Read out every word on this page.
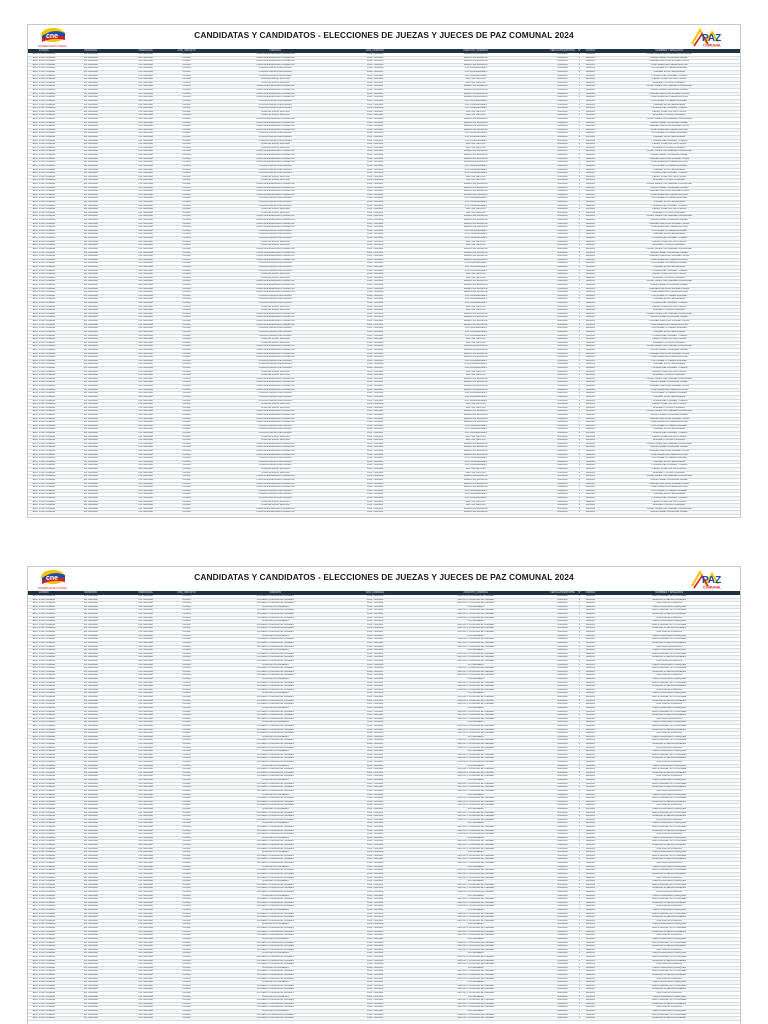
cne
PODER ELECTORAL
CANDIDATAS Y CANDIDATOS - ELECCIONES DE JUEZAS Y JUECES DE PAZ COMUNAL 2024	PAZ
COMUNAL
ESTADO	MUNICIPIO	PARROQUIA	COD_CIRCUITO	CIRCUITO	COD_COMUNAL	CIRCUITO_COMUNAL	CEDULA/PASAPORTE	N°	CÓDIGO	NOMBRES Y APELLIDOS
EDO. PORTUGUESA	MP. ARAURE	CM. ARAURE	CC0000	COMUNA ESPERANZA PODEROSA	COM.- 0000000	BARRIO EL MIRADOR	00000000	1	A000000	CLARA VALENTINA JIMENEZ RODRIGUEZ
EDO. PORTUGUESA	MP. ARAURE	CM. ARAURE	CC0000	COMUNA ESPERANZA PODEROSA	COM.- 0000000	BARRIO EL MIRADOR	00000000	2	A000000	MARIA ISABEL GONZALEZ PEREZ
EDO. PORTUGUESA	MP. ARAURE	CM. ARAURE	CC0000	COMUNA ESPERANZA PODEROSA	COM.- 0000000	BARRIO EL MIRADOR	00000000	3	A000000	ANDREA CAROLINA SUAREZ LOPEZ
EDO. PORTUGUESA	MP. ARAURE	CM. ARAURE	CC0000	COMUNA ESPERANZA PODEROSA	COM.- 0000000	BARRIO EL MIRADOR	00000000	4	A000000	JOSE GREGORIO MENDOZA DIAZ
EDO. PORTUGUESA	MP. ARAURE	CM. ARAURE	CC0000	COMUNA BRISAS DE PARAMO	COM.- 0000000	LOS CAÑAVERALES	00000000	1	A000000	LUIS ALBERTO PEREZ RAMIREZ
EDO. PORTUGUESA	MP. ARAURE	CM. ARAURE	CC0000	COMUNA BRISAS DE PARAMO	COM.- 0000000	LOS CAÑAVERALES	00000000	2	A000000	CARMEN ROSA HERNANDEZ
EDO. PORTUGUESA	MP. ARAURE	CM. ARAURE	CC0000	COMUNA BRISAS DE PARAMO	COM.- 0000000	LOS CAÑAVERALES	00000000	3	A000000	YOLIMAR DEL CARMEN TORRES
EDO. PORTUGUESA	MP. ARAURE	CM. ARAURE	CC0000	COMUNA SIMON BOLIVAR	COM.- 0000000	SECTOR CENTRO	00000000	1	A000000	PEDRO JOSE CASTILLO MORA
EDO. PORTUGUESA	MP. ARAURE	CM. ARAURE	CC0000	COMUNA SIMON BOLIVAR	COM.- 0000000	SECTOR CENTRO	00000000	2	A000000	ELIZABETH RIVAS CORDERO
EDO. PORTUGUESA	MP. ARAURE	CM. ARAURE	CC0000	COMUNA ESPERANZA PODEROSA	COM.- 0000000	BARRIO EL MIRADOR	00000000	1	A000000	CLARA VALENTINA JIMENEZ RODRIGUEZ
EDO. PORTUGUESA	MP. ARAURE	CM. ARAURE	CC0000	COMUNA ESPERANZA PODEROSA	COM.- 0000000	BARRIO EL MIRADOR	00000000	2	A000000	MARIA ISABEL GONZALEZ PEREZ
EDO. PORTUGUESA	MP. ARAURE	CM. ARAURE	CC0000	COMUNA ESPERANZA PODEROSA	COM.- 0000000	BARRIO EL MIRADOR	00000000	3	A000000	ANDREA CAROLINA SUAREZ LOPEZ
EDO. PORTUGUESA	MP. ARAURE	CM. ARAURE	CC0000	COMUNA ESPERANZA PODEROSA	COM.- 0000000	BARRIO EL MIRADOR	00000000	4	A000000	JOSE GREGORIO MENDOZA DIAZ
EDO. PORTUGUESA	MP. ARAURE	CM. ARAURE	CC0000	COMUNA BRISAS DE PARAMO	COM.- 0000000	LOS CAÑAVERALES	00000000	1	A000000	LUIS ALBERTO PEREZ RAMIREZ
EDO. PORTUGUESA	MP. ARAURE	CM. ARAURE	CC0000	COMUNA BRISAS DE PARAMO	COM.- 0000000	LOS CAÑAVERALES	00000000	2	A000000	CARMEN ROSA HERNANDEZ
EDO. PORTUGUESA	MP. ARAURE	CM. ARAURE	CC0000	COMUNA BRISAS DE PARAMO	COM.- 0000000	LOS CAÑAVERALES	00000000	3	A000000	YOLIMAR DEL CARMEN TORRES
EDO. PORTUGUESA	MP. ARAURE	CM. ARAURE	CC0000	COMUNA SIMON BOLIVAR	COM.- 0000000	SECTOR CENTRO	00000000	1	A000000	PEDRO JOSE CASTILLO MORA
EDO. PORTUGUESA	MP. ARAURE	CM. ARAURE	CC0000	COMUNA SIMON BOLIVAR	COM.- 0000000	SECTOR CENTRO	00000000	2	A000000	ELIZABETH RIVAS CORDERO
EDO. PORTUGUESA	MP. ARAURE	CM. ARAURE	CC0000	COMUNA ESPERANZA PODEROSA	COM.- 0000000	BARRIO EL MIRADOR	00000000	1	A000000	CLARA VALENTINA JIMENEZ RODRIGUEZ
EDO. PORTUGUESA	MP. ARAURE	CM. ARAURE	CC0000	COMUNA ESPERANZA PODEROSA	COM.- 0000000	BARRIO EL MIRADOR	00000000	2	A000000	MARIA ISABEL GONZALEZ PEREZ
EDO. PORTUGUESA	MP. ARAURE	CM. ARAURE	CC0000	COMUNA ESPERANZA PODEROSA	COM.- 0000000	BARRIO EL MIRADOR	00000000	3	A000000	ANDREA CAROLINA SUAREZ LOPEZ
EDO. PORTUGUESA	MP. ARAURE	CM. ARAURE	CC0000	COMUNA ESPERANZA PODEROSA	COM.- 0000000	BARRIO EL MIRADOR	00000000	4	A000000	JOSE GREGORIO MENDOZA DIAZ
EDO. PORTUGUESA	MP. ARAURE	CM. ARAURE	CC0000	COMUNA BRISAS DE PARAMO	COM.- 0000000	LOS CAÑAVERALES	00000000	1	A000000	LUIS ALBERTO PEREZ RAMIREZ
EDO. PORTUGUESA	MP. ARAURE	CM. ARAURE	CC0000	COMUNA BRISAS DE PARAMO	COM.- 0000000	LOS CAÑAVERALES	00000000	2	A000000	CARMEN ROSA HERNANDEZ
EDO. PORTUGUESA	MP. ARAURE	CM. ARAURE	CC0000	COMUNA BRISAS DE PARAMO	COM.- 0000000	LOS CAÑAVERALES	00000000	3	A000000	YOLIMAR DEL CARMEN TORRES
EDO. PORTUGUESA	MP. ARAURE	CM. ARAURE	CC0000	COMUNA SIMON BOLIVAR	COM.- 0000000	SECTOR CENTRO	00000000	1	A000000	PEDRO JOSE CASTILLO MORA
EDO. PORTUGUESA	MP. ARAURE	CM. ARAURE	CC0000	COMUNA SIMON BOLIVAR	COM.- 0000000	SECTOR CENTRO	00000000	2	A000000	ELIZABETH RIVAS CORDERO
EDO. PORTUGUESA	MP. ARAURE	CM. ARAURE	CC0000	COMUNA ESPERANZA PODEROSA	COM.- 0000000	BARRIO EL MIRADOR	00000000	1	A000000	CLARA VALENTINA JIMENEZ RODRIGUEZ
EDO. PORTUGUESA	MP. ARAURE	CM. ARAURE	CC0000	COMUNA ESPERANZA PODEROSA	COM.- 0000000	BARRIO EL MIRADOR	00000000	2	A000000	MARIA ISABEL GONZALEZ PEREZ
EDO. PORTUGUESA	MP. ARAURE	CM. ARAURE	CC0000	COMUNA ESPERANZA PODEROSA	COM.- 0000000	BARRIO EL MIRADOR	00000000	3	A000000	ANDREA CAROLINA SUAREZ LOPEZ
EDO. PORTUGUESA	MP. ARAURE	CM. ARAURE	CC0000	COMUNA ESPERANZA PODEROSA	COM.- 0000000	BARRIO EL MIRADOR	00000000	4	A000000	JOSE GREGORIO MENDOZA DIAZ
EDO. PORTUGUESA	MP. ARAURE	CM. ARAURE	CC0000	COMUNA BRISAS DE PARAMO	COM.- 0000000	LOS CAÑAVERALES	00000000	1	A000000	LUIS ALBERTO PEREZ RAMIREZ
EDO. PORTUGUESA	MP. ARAURE	CM. ARAURE	CC0000	COMUNA BRISAS DE PARAMO	COM.- 0000000	LOS CAÑAVERALES	00000000	2	A000000	CARMEN ROSA HERNANDEZ
EDO. PORTUGUESA	MP. ARAURE	CM. ARAURE	CC0000	COMUNA BRISAS DE PARAMO	COM.- 0000000	LOS CAÑAVERALES	00000000	3	A000000	YOLIMAR DEL CARMEN TORRES
EDO. PORTUGUESA	MP. ARAURE	CM. ARAURE	CC0000	COMUNA SIMON BOLIVAR	COM.- 0000000	SECTOR CENTRO	00000000	1	A000000	PEDRO JOSE CASTILLO MORA
EDO. PORTUGUESA	MP. ARAURE	CM. ARAURE	CC0000	COMUNA SIMON BOLIVAR	COM.- 0000000	SECTOR CENTRO	00000000	2	A000000	ELIZABETH RIVAS CORDERO
EDO. PORTUGUESA	MP. ARAURE	CM. ARAURE	CC0000	COMUNA ESPERANZA PODEROSA	COM.- 0000000	BARRIO EL MIRADOR	00000000	1	A000000	CLARA VALENTINA JIMENEZ RODRIGUEZ
EDO. PORTUGUESA	MP. ARAURE	CM. ARAURE	CC0000	COMUNA ESPERANZA PODEROSA	COM.- 0000000	BARRIO EL MIRADOR	00000000	2	A000000	MARIA ISABEL GONZALEZ PEREZ
EDO. PORTUGUESA	MP. ARAURE	CM. ARAURE	CC0000	COMUNA ESPERANZA PODEROSA	COM.- 0000000	BARRIO EL MIRADOR	00000000	3	A000000	ANDREA CAROLINA SUAREZ LOPEZ
EDO. PORTUGUESA	MP. ARAURE	CM. ARAURE	CC0000	COMUNA ESPERANZA PODEROSA	COM.- 0000000	BARRIO EL MIRADOR	00000000	4	A000000	JOSE GREGORIO MENDOZA DIAZ
EDO. PORTUGUESA	MP. ARAURE	CM. ARAURE	CC0000	COMUNA BRISAS DE PARAMO	COM.- 0000000	LOS CAÑAVERALES	00000000	1	A000000	LUIS ALBERTO PEREZ RAMIREZ
EDO. PORTUGUESA	MP. ARAURE	CM. ARAURE	CC0000	COMUNA BRISAS DE PARAMO	COM.- 0000000	LOS CAÑAVERALES	00000000	2	A000000	CARMEN ROSA HERNANDEZ
EDO. PORTUGUESA	MP. ARAURE	CM. ARAURE	CC0000	COMUNA BRISAS DE PARAMO	COM.- 0000000	LOS CAÑAVERALES	00000000	3	A000000	YOLIMAR DEL CARMEN TORRES
EDO. PORTUGUESA	MP. ARAURE	CM. ARAURE	CC0000	COMUNA SIMON BOLIVAR	COM.- 0000000	SECTOR CENTRO	00000000	1	A000000	PEDRO JOSE CASTILLO MORA
EDO. PORTUGUESA	MP. ARAURE	CM. ARAURE	CC0000	COMUNA SIMON BOLIVAR	COM.- 0000000	SECTOR CENTRO	00000000	2	A000000	ELIZABETH RIVAS CORDERO
EDO. PORTUGUESA	MP. ARAURE	CM. ARAURE	CC0000	COMUNA ESPERANZA PODEROSA	COM.- 0000000	BARRIO EL MIRADOR	00000000	1	A000000	CLARA VALENTINA JIMENEZ RODRIGUEZ
EDO. PORTUGUESA	MP. ARAURE	CM. ARAURE	CC0000	COMUNA ESPERANZA PODEROSA	COM.- 0000000	BARRIO EL MIRADOR	00000000	2	A000000	MARIA ISABEL GONZALEZ PEREZ
EDO. PORTUGUESA	MP. ARAURE	CM. ARAURE	CC0000	COMUNA ESPERANZA PODEROSA	COM.- 0000000	BARRIO EL MIRADOR	00000000	3	A000000	ANDREA CAROLINA SUAREZ LOPEZ
EDO. PORTUGUESA	MP. ARAURE	CM. ARAURE	CC0000	COMUNA ESPERANZA PODEROSA	COM.- 0000000	BARRIO EL MIRADOR	00000000	4	A000000	JOSE GREGORIO MENDOZA DIAZ
EDO. PORTUGUESA	MP. ARAURE	CM. ARAURE	CC0000	COMUNA BRISAS DE PARAMO	COM.- 0000000	LOS CAÑAVERALES	00000000	1	A000000	LUIS ALBERTO PEREZ RAMIREZ
EDO. PORTUGUESA	MP. ARAURE	CM. ARAURE	CC0000	COMUNA BRISAS DE PARAMO	COM.- 0000000	LOS CAÑAVERALES	00000000	2	A000000	CARMEN ROSA HERNANDEZ
EDO. PORTUGUESA	MP. ARAURE	CM. ARAURE	CC0000	COMUNA BRISAS DE PARAMO	COM.- 0000000	LOS CAÑAVERALES	00000000	3	A000000	YOLIMAR DEL CARMEN TORRES
EDO. PORTUGUESA	MP. ARAURE	CM. ARAURE	CC0000	COMUNA SIMON BOLIVAR	COM.- 0000000	SECTOR CENTRO	00000000	1	A000000	PEDRO JOSE CASTILLO MORA
EDO. PORTUGUESA	MP. ARAURE	CM. ARAURE	CC0000	COMUNA SIMON BOLIVAR	COM.- 0000000	SECTOR CENTRO	00000000	2	A000000	ELIZABETH RIVAS CORDERO
EDO. PORTUGUESA	MP. ARAURE	CM. ARAURE	CC0000	COMUNA ESPERANZA PODEROSA	COM.- 0000000	BARRIO EL MIRADOR	00000000	1	A000000	CLARA VALENTINA JIMENEZ RODRIGUEZ
EDO. PORTUGUESA	MP. ARAURE	CM. ARAURE	CC0000	COMUNA ESPERANZA PODEROSA	COM.- 0000000	BARRIO EL MIRADOR	00000000	2	A000000	MARIA ISABEL GONZALEZ PEREZ
EDO. PORTUGUESA	MP. ARAURE	CM. ARAURE	CC0000	COMUNA ESPERANZA PODEROSA	COM.- 0000000	BARRIO EL MIRADOR	00000000	3	A000000	ANDREA CAROLINA SUAREZ LOPEZ
EDO. PORTUGUESA	MP. ARAURE	CM. ARAURE	CC0000	COMUNA ESPERANZA PODEROSA	COM.- 0000000	BARRIO EL MIRADOR	00000000	4	A000000	JOSE GREGORIO MENDOZA DIAZ
EDO. PORTUGUESA	MP. ARAURE	CM. ARAURE	CC0000	COMUNA BRISAS DE PARAMO	COM.- 0000000	LOS CAÑAVERALES	00000000	1	A000000	LUIS ALBERTO PEREZ RAMIREZ
EDO. PORTUGUESA	MP. ARAURE	CM. ARAURE	CC0000	COMUNA BRISAS DE PARAMO	COM.- 0000000	LOS CAÑAVERALES	00000000	2	A000000	CARMEN ROSA HERNANDEZ
EDO. PORTUGUESA	MP. ARAURE	CM. ARAURE	CC0000	COMUNA BRISAS DE PARAMO	COM.- 0000000	LOS CAÑAVERALES	00000000	3	A000000	YOLIMAR DEL CARMEN TORRES
EDO. PORTUGUESA	MP. ARAURE	CM. ARAURE	CC0000	COMUNA SIMON BOLIVAR	COM.- 0000000	SECTOR CENTRO	00000000	1	A000000	PEDRO JOSE CASTILLO MORA
EDO. PORTUGUESA	MP. ARAURE	CM. ARAURE	CC0000	COMUNA SIMON BOLIVAR	COM.- 0000000	SECTOR CENTRO	00000000	2	A000000	ELIZABETH RIVAS CORDERO
EDO. PORTUGUESA	MP. ARAURE	CM. ARAURE	CC0000	COMUNA ESPERANZA PODEROSA	COM.- 0000000	BARRIO EL MIRADOR	00000000	1	A000000	CLARA VALENTINA JIMENEZ RODRIGUEZ
EDO. PORTUGUESA	MP. ARAURE	CM. ARAURE	CC0000	COMUNA ESPERANZA PODEROSA	COM.- 0000000	BARRIO EL MIRADOR	00000000	2	A000000	MARIA ISABEL GONZALEZ PEREZ
EDO. PORTUGUESA	MP. ARAURE	CM. ARAURE	CC0000	COMUNA ESPERANZA PODEROSA	COM.- 0000000	BARRIO EL MIRADOR	00000000	3	A000000	ANDREA CAROLINA SUAREZ LOPEZ
EDO. PORTUGUESA	MP. ARAURE	CM. ARAURE	CC0000	COMUNA ESPERANZA PODEROSA	COM.- 0000000	BARRIO EL MIRADOR	00000000	4	A000000	JOSE GREGORIO MENDOZA DIAZ
EDO. PORTUGUESA	MP. ARAURE	CM. ARAURE	CC0000	COMUNA BRISAS DE PARAMO	COM.- 0000000	LOS CAÑAVERALES	00000000	1	A000000	LUIS ALBERTO PEREZ RAMIREZ
EDO. PORTUGUESA	MP. ARAURE	CM. ARAURE	CC0000	COMUNA BRISAS DE PARAMO	COM.- 0000000	LOS CAÑAVERALES	00000000	2	A000000	CARMEN ROSA HERNANDEZ
EDO. PORTUGUESA	MP. ARAURE	CM. ARAURE	CC0000	COMUNA BRISAS DE PARAMO	COM.- 0000000	LOS CAÑAVERALES	00000000	3	A000000	YOLIMAR DEL CARMEN TORRES
EDO. PORTUGUESA	MP. ARAURE	CM. ARAURE	CC0000	COMUNA SIMON BOLIVAR	COM.- 0000000	SECTOR CENTRO	00000000	1	A000000	PEDRO JOSE CASTILLO MORA
EDO. PORTUGUESA	MP. ARAURE	CM. ARAURE	CC0000	COMUNA SIMON BOLIVAR	COM.- 0000000	SECTOR CENTRO	00000000	2	A000000	ELIZABETH RIVAS CORDERO
EDO. PORTUGUESA	MP. ARAURE	CM. ARAURE	CC0000	COMUNA ESPERANZA PODEROSA	COM.- 0000000	BARRIO EL MIRADOR	00000000	1	A000000	CLARA VALENTINA JIMENEZ RODRIGUEZ
EDO. PORTUGUESA	MP. ARAURE	CM. ARAURE	CC0000	COMUNA ESPERANZA PODEROSA	COM.- 0000000	BARRIO EL MIRADOR	00000000	2	A000000	MARIA ISABEL GONZALEZ PEREZ
EDO. PORTUGUESA	MP. ARAURE	CM. ARAURE	CC0000	COMUNA ESPERANZA PODEROSA	COM.- 0000000	BARRIO EL MIRADOR	00000000	3	A000000	ANDREA CAROLINA SUAREZ LOPEZ
EDO. PORTUGUESA	MP. ARAURE	CM. ARAURE	CC0000	COMUNA ESPERANZA PODEROSA	COM.- 0000000	BARRIO EL MIRADOR	00000000	4	A000000	JOSE GREGORIO MENDOZA DIAZ
EDO. PORTUGUESA	MP. ARAURE	CM. ARAURE	CC0000	COMUNA BRISAS DE PARAMO	COM.- 0000000	LOS CAÑAVERALES	00000000	1	A000000	LUIS ALBERTO PEREZ RAMIREZ
EDO. PORTUGUESA	MP. ARAURE	CM. ARAURE	CC0000	COMUNA BRISAS DE PARAMO	COM.- 0000000	LOS CAÑAVERALES	00000000	2	A000000	CARMEN ROSA HERNANDEZ
EDO. PORTUGUESA	MP. ARAURE	CM. ARAURE	CC0000	COMUNA BRISAS DE PARAMO	COM.- 0000000	LOS CAÑAVERALES	00000000	3	A000000	YOLIMAR DEL CARMEN TORRES
EDO. PORTUGUESA	MP. ARAURE	CM. ARAURE	CC0000	COMUNA SIMON BOLIVAR	COM.- 0000000	SECTOR CENTRO	00000000	1	A000000	PEDRO JOSE CASTILLO MORA
EDO. PORTUGUESA	MP. ARAURE	CM. ARAURE	CC0000	COMUNA SIMON BOLIVAR	COM.- 0000000	SECTOR CENTRO	00000000	2	A000000	ELIZABETH RIVAS CORDERO
EDO. PORTUGUESA	MP. ARAURE	CM. ARAURE	CC0000	COMUNA ESPERANZA PODEROSA	COM.- 0000000	BARRIO EL MIRADOR	00000000	1	A000000	CLARA VALENTINA JIMENEZ RODRIGUEZ
EDO. PORTUGUESA	MP. ARAURE	CM. ARAURE	CC0000	COMUNA ESPERANZA PODEROSA	COM.- 0000000	BARRIO EL MIRADOR	00000000	2	A000000	MARIA ISABEL GONZALEZ PEREZ
EDO. PORTUGUESA	MP. ARAURE	CM. ARAURE	CC0000	COMUNA ESPERANZA PODEROSA	COM.- 0000000	BARRIO EL MIRADOR	00000000	3	A000000	ANDREA CAROLINA SUAREZ LOPEZ
EDO. PORTUGUESA	MP. ARAURE	CM. ARAURE	CC0000	COMUNA ESPERANZA PODEROSA	COM.- 0000000	BARRIO EL MIRADOR	00000000	4	A000000	JOSE GREGORIO MENDOZA DIAZ
EDO. PORTUGUESA	MP. ARAURE	CM. ARAURE	CC0000	COMUNA BRISAS DE PARAMO	COM.- 0000000	LOS CAÑAVERALES	00000000	1	A000000	LUIS ALBERTO PEREZ RAMIREZ
EDO. PORTUGUESA	MP. ARAURE	CM. ARAURE	CC0000	COMUNA BRISAS DE PARAMO	COM.- 0000000	LOS CAÑAVERALES	00000000	2	A000000	CARMEN ROSA HERNANDEZ
EDO. PORTUGUESA	MP. ARAURE	CM. ARAURE	CC0000	COMUNA BRISAS DE PARAMO	COM.- 0000000	LOS CAÑAVERALES	00000000	3	A000000	YOLIMAR DEL CARMEN TORRES
EDO. PORTUGUESA	MP. ARAURE	CM. ARAURE	CC0000	COMUNA SIMON BOLIVAR	COM.- 0000000	SECTOR CENTRO	00000000	1	A000000	PEDRO JOSE CASTILLO MORA
EDO. PORTUGUESA	MP. ARAURE	CM. ARAURE	CC0000	COMUNA SIMON BOLIVAR	COM.- 0000000	SECTOR CENTRO	00000000	2	A000000	ELIZABETH RIVAS CORDERO
EDO. PORTUGUESA	MP. ARAURE	CM. ARAURE	CC0000	COMUNA ESPERANZA PODEROSA	COM.- 0000000	BARRIO EL MIRADOR	00000000	1	A000000	CLARA VALENTINA JIMENEZ RODRIGUEZ
EDO. PORTUGUESA	MP. ARAURE	CM. ARAURE	CC0000	COMUNA ESPERANZA PODEROSA	COM.- 0000000	BARRIO EL MIRADOR	00000000	2	A000000	MARIA ISABEL GONZALEZ PEREZ
EDO. PORTUGUESA	MP. ARAURE	CM. ARAURE	CC0000	COMUNA ESPERANZA PODEROSA	COM.- 0000000	BARRIO EL MIRADOR	00000000	3	A000000	ANDREA CAROLINA SUAREZ LOPEZ
EDO. PORTUGUESA	MP. ARAURE	CM. ARAURE	CC0000	COMUNA ESPERANZA PODEROSA	COM.- 0000000	BARRIO EL MIRADOR	00000000	4	A000000	JOSE GREGORIO MENDOZA DIAZ
EDO. PORTUGUESA	MP. ARAURE	CM. ARAURE	CC0000	COMUNA BRISAS DE PARAMO	COM.- 0000000	LOS CAÑAVERALES	00000000	1	A000000	LUIS ALBERTO PEREZ RAMIREZ
EDO. PORTUGUESA	MP. ARAURE	CM. ARAURE	CC0000	COMUNA BRISAS DE PARAMO	COM.- 0000000	LOS CAÑAVERALES	00000000	2	A000000	CARMEN ROSA HERNANDEZ
EDO. PORTUGUESA	MP. ARAURE	CM. ARAURE	CC0000	COMUNA BRISAS DE PARAMO	COM.- 0000000	LOS CAÑAVERALES	00000000	3	A000000	YOLIMAR DEL CARMEN TORRES
EDO. PORTUGUESA	MP. ARAURE	CM. ARAURE	CC0000	COMUNA SIMON BOLIVAR	COM.- 0000000	SECTOR CENTRO	00000000	1	A000000	PEDRO JOSE CASTILLO MORA
EDO. PORTUGUESA	MP. ARAURE	CM. ARAURE	CC0000	COMUNA SIMON BOLIVAR	COM.- 0000000	SECTOR CENTRO	00000000	2	A000000	ELIZABETH RIVAS CORDERO
EDO. PORTUGUESA	MP. ARAURE	CM. ARAURE	CC0000	COMUNA ESPERANZA PODEROSA	COM.- 0000000	BARRIO EL MIRADOR	00000000	1	A000000	CLARA VALENTINA JIMENEZ RODRIGUEZ
EDO. PORTUGUESA	MP. ARAURE	CM. ARAURE	CC0000	COMUNA ESPERANZA PODEROSA	COM.- 0000000	BARRIO EL MIRADOR	00000000	2	A000000	MARIA ISABEL GONZALEZ PEREZ
EDO. PORTUGUESA	MP. ARAURE	CM. ARAURE	CC0000	COMUNA ESPERANZA PODEROSA	COM.- 0000000	BARRIO EL MIRADOR	00000000	3	A000000	ANDREA CAROLINA SUAREZ LOPEZ
EDO. PORTUGUESA	MP. ARAURE	CM. ARAURE	CC0000	COMUNA ESPERANZA PODEROSA	COM.- 0000000	BARRIO EL MIRADOR	00000000	4	A000000	JOSE GREGORIO MENDOZA DIAZ
EDO. PORTUGUESA	MP. ARAURE	CM. ARAURE	CC0000	COMUNA BRISAS DE PARAMO	COM.- 0000000	LOS CAÑAVERALES	00000000	1	A000000	LUIS ALBERTO PEREZ RAMIREZ
EDO. PORTUGUESA	MP. ARAURE	CM. ARAURE	CC0000	COMUNA BRISAS DE PARAMO	COM.- 0000000	LOS CAÑAVERALES	00000000	2	A000000	CARMEN ROSA HERNANDEZ
EDO. PORTUGUESA	MP. ARAURE	CM. ARAURE	CC0000	COMUNA BRISAS DE PARAMO	COM.- 0000000	LOS CAÑAVERALES	00000000	3	A000000	YOLIMAR DEL CARMEN TORRES
EDO. PORTUGUESA	MP. ARAURE	CM. ARAURE	CC0000	COMUNA SIMON BOLIVAR	COM.- 0000000	SECTOR CENTRO	00000000	1	A000000	PEDRO JOSE CASTILLO MORA
EDO. PORTUGUESA	MP. ARAURE	CM. ARAURE	CC0000	COMUNA SIMON BOLIVAR	COM.- 0000000	SECTOR CENTRO	00000000	2	A000000	ELIZABETH RIVAS CORDERO
EDO. PORTUGUESA	MP. ARAURE	CM. ARAURE	CC0000	COMUNA ESPERANZA PODEROSA	COM.- 0000000	BARRIO EL MIRADOR	00000000	1	A000000	CLARA VALENTINA JIMENEZ RODRIGUEZ
EDO. PORTUGUESA	MP. ARAURE	CM. ARAURE	CC0000	COMUNA ESPERANZA PODEROSA	COM.- 0000000	BARRIO EL MIRADOR	00000000	2	A000000	MARIA ISABEL GONZALEZ PEREZ
EDO. PORTUGUESA	MP. ARAURE	CM. ARAURE	CC0000	COMUNA ESPERANZA PODEROSA	COM.- 0000000	BARRIO EL MIRADOR	00000000	3	A000000	ANDREA CAROLINA SUAREZ LOPEZ
EDO. PORTUGUESA	MP. ARAURE	CM. ARAURE	CC0000	COMUNA ESPERANZA PODEROSA	COM.- 0000000	BARRIO EL MIRADOR	00000000	4	A000000	JOSE GREGORIO MENDOZA DIAZ
EDO. PORTUGUESA	MP. ARAURE	CM. ARAURE	CC0000	COMUNA BRISAS DE PARAMO	COM.- 0000000	LOS CAÑAVERALES	00000000	1	A000000	LUIS ALBERTO PEREZ RAMIREZ
EDO. PORTUGUESA	MP. ARAURE	CM. ARAURE	CC0000	COMUNA BRISAS DE PARAMO	COM.- 0000000	LOS CAÑAVERALES	00000000	2	A000000	CARMEN ROSA HERNANDEZ
EDO. PORTUGUESA	MP. ARAURE	CM. ARAURE	CC0000	COMUNA BRISAS DE PARAMO	COM.- 0000000	LOS CAÑAVERALES	00000000	3	A000000	YOLIMAR DEL CARMEN TORRES
EDO. PORTUGUESA	MP. ARAURE	CM. ARAURE	CC0000	COMUNA SIMON BOLIVAR	COM.- 0000000	SECTOR CENTRO	00000000	1	A000000	PEDRO JOSE CASTILLO MORA
EDO. PORTUGUESA	MP. ARAURE	CM. ARAURE	CC0000	COMUNA SIMON BOLIVAR	COM.- 0000000	SECTOR CENTRO	00000000	2	A000000	ELIZABETH RIVAS CORDERO
EDO. PORTUGUESA	MP. ARAURE	CM. ARAURE	CC0000	COMUNA ESPERANZA PODEROSA	COM.- 0000000	BARRIO EL MIRADOR	00000000	1	A000000	CLARA VALENTINA JIMENEZ RODRIGUEZ
EDO. PORTUGUESA	MP. ARAURE	CM. ARAURE	CC0000	COMUNA ESPERANZA PODEROSA	COM.- 0000000	BARRIO EL MIRADOR	00000000	2	A000000	MARIA ISABEL GONZALEZ PEREZ
EDO. PORTUGUESA	MP. ARAURE	CM. ARAURE	CC0000	COMUNA ESPERANZA PODEROSA	COM.- 0000000	BARRIO EL MIRADOR	00000000	3	A000000	ANDREA CAROLINA SUAREZ LOPEZ
EDO. PORTUGUESA	MP. ARAURE	CM. ARAURE	CC0000	COMUNA ESPERANZA PODEROSA	COM.- 0000000	BARRIO EL MIRADOR	00000000	4	A000000	JOSE GREGORIO MENDOZA DIAZ
EDO. PORTUGUESA	MP. ARAURE	CM. ARAURE	CC0000	COMUNA BRISAS DE PARAMO	COM.- 0000000	LOS CAÑAVERALES	00000000	1	A000000	LUIS ALBERTO PEREZ RAMIREZ
EDO. PORTUGUESA	MP. ARAURE	CM. ARAURE	CC0000	COMUNA BRISAS DE PARAMO	COM.- 0000000	LOS CAÑAVERALES	00000000	2	A000000	CARMEN ROSA HERNANDEZ
EDO. PORTUGUESA	MP. ARAURE	CM. ARAURE	CC0000	COMUNA BRISAS DE PARAMO	COM.- 0000000	LOS CAÑAVERALES	00000000	3	A000000	YOLIMAR DEL CARMEN TORRES
EDO. PORTUGUESA	MP. ARAURE	CM. ARAURE	CC0000	COMUNA SIMON BOLIVAR	COM.- 0000000	SECTOR CENTRO	00000000	1	A000000	PEDRO JOSE CASTILLO MORA
EDO. PORTUGUESA	MP. ARAURE	CM. ARAURE	CC0000	COMUNA SIMON BOLIVAR	COM.- 0000000	SECTOR CENTRO	00000000	2	A000000	ELIZABETH RIVAS CORDERO
EDO. PORTUGUESA	MP. ARAURE	CM. ARAURE	CC0000	COMUNA ESPERANZA PODEROSA	COM.- 0000000	BARRIO EL MIRADOR	00000000	1	A000000	CLARA VALENTINA JIMENEZ RODRIGUEZ
EDO. PORTUGUESA	MP. ARAURE	CM. ARAURE	CC0000	COMUNA ESPERANZA PODEROSA	COM.- 0000000	BARRIO EL MIRADOR	00000000	2	A000000	MARIA ISABEL GONZALEZ PEREZ
cne
PODER ELECTORAL
CANDIDATAS Y CANDIDATOS - ELECCIONES DE JUEZAS Y JUECES DE PAZ COMUNAL 2024	PAZ
COMUNAL
ESTADO	MUNICIPIO	PARROQUIA	COD_CIRCUITO	CIRCUITO	COD_COMUNAL	CIRCUITO_COMUNAL	CEDULA/PASAPORTE	N°	CÓDIGO	NOMBRES Y APELLIDOS
EDO. PORTUGUESA	MP. ARAURE	CM. ARAURE	CC0000	CONSEJO COMUNAL EL CARMEN	COM.- 0000000	CIRCUITO COMUNAL EL CARMEN	00000000	1	A000000	JESUS RAFAEL SOTO ALVAREZ
EDO. PORTUGUESA	MP. ARAURE	CM. ARAURE	CC0000	CONSEJO COMUNAL EL CARMEN	COM.- 0000000	CIRCUITO COMUNAL EL CARMEN	00000000	2	A000000	MARIANA JOSEFINA PAREDES
EDO. PORTUGUESA	MP. ARAURE	CM. ARAURE	CC0000	CONSEJO COMUNAL EL CARMEN	COM.- 0000000	CIRCUITO COMUNAL EL CARMEN	00000000	3	A000000	ANA KARINA VILLEGAS
EDO. PORTUGUESA	MP. ARAURE	CM. ARAURE	CC0000	COMUNA LOS ANGELES	COM.- 0000000	LOS ANGELES	00000000	1	A000000	CARLOS EDUARDO MARQUEZ
EDO. PORTUGUESA	MP. ARAURE	CM. ARAURE	CC0000	CONSEJO COMUNAL EL CARMEN	COM.- 0000000	CIRCUITO COMUNAL EL CARMEN	00000000	1	A000000	JESUS RAFAEL SOTO ALVAREZ
EDO. PORTUGUESA	MP. ARAURE	CM. ARAURE	CC0000	CONSEJO COMUNAL EL CARMEN	COM.- 0000000	CIRCUITO COMUNAL EL CARMEN	00000000	2	A000000	MARIANA JOSEFINA PAREDES
EDO. PORTUGUESA	MP. ARAURE	CM. ARAURE	CC0000	CONSEJO COMUNAL EL CARMEN	COM.- 0000000	CIRCUITO COMUNAL EL CARMEN	00000000	3	A000000	ANA KARINA VILLEGAS
EDO. PORTUGUESA	MP. ARAURE	CM. ARAURE	CC0000	COMUNA LOS ANGELES	COM.- 0000000	LOS ANGELES	00000000	1	A000000	CARLOS EDUARDO MARQUEZ
EDO. PORTUGUESA	MP. ARAURE	CM. ARAURE	CC0000	CONSEJO COMUNAL EL CARMEN	COM.- 0000000	CIRCUITO COMUNAL EL CARMEN	00000000	1	A000000	JESUS RAFAEL SOTO ALVAREZ
EDO. PORTUGUESA	MP. ARAURE	CM. ARAURE	CC0000	CONSEJO COMUNAL EL CARMEN	COM.- 0000000	CIRCUITO COMUNAL EL CARMEN	00000000	2	A000000	MARIANA JOSEFINA PAREDES
EDO. PORTUGUESA	MP. ARAURE	CM. ARAURE	CC0000	CONSEJO COMUNAL EL CARMEN	COM.- 0000000	CIRCUITO COMUNAL EL CARMEN	00000000	3	A000000	ANA KARINA VILLEGAS
EDO. PORTUGUESA	MP. ARAURE	CM. ARAURE	CC0000	COMUNA LOS ANGELES	COM.- 0000000	LOS ANGELES	00000000	1	A000000	CARLOS EDUARDO MARQUEZ
EDO. PORTUGUESA	MP. ARAURE	CM. ARAURE	CC0000	CONSEJO COMUNAL EL CARMEN	COM.- 0000000	CIRCUITO COMUNAL EL CARMEN	00000000	1	A000000	JESUS RAFAEL SOTO ALVAREZ
EDO. PORTUGUESA	MP. ARAURE	CM. ARAURE	CC0000	CONSEJO COMUNAL EL CARMEN	COM.- 0000000	CIRCUITO COMUNAL EL CARMEN	00000000	2	A000000	MARIANA JOSEFINA PAREDES
EDO. PORTUGUESA	MP. ARAURE	CM. ARAURE	CC0000	CONSEJO COMUNAL EL CARMEN	COM.- 0000000	CIRCUITO COMUNAL EL CARMEN	00000000	3	A000000	ANA KARINA VILLEGAS
EDO. PORTUGUESA	MP. ARAURE	CM. ARAURE	CC0000	COMUNA LOS ANGELES	COM.- 0000000	LOS ANGELES	00000000	1	A000000	CARLOS EDUARDO MARQUEZ
EDO. PORTUGUESA	MP. ARAURE	CM. ARAURE	CC0000	CONSEJO COMUNAL EL CARMEN	COM.- 0000000	CIRCUITO COMUNAL EL CARMEN	00000000	1	A000000	JESUS RAFAEL SOTO ALVAREZ
EDO. PORTUGUESA	MP. ARAURE	CM. ARAURE	CC0000	CONSEJO COMUNAL EL CARMEN	COM.- 0000000	CIRCUITO COMUNAL EL CARMEN	00000000	2	A000000	MARIANA JOSEFINA PAREDES
EDO. PORTUGUESA	MP. ARAURE	CM. ARAURE	CC0000	CONSEJO COMUNAL EL CARMEN	COM.- 0000000	CIRCUITO COMUNAL EL CARMEN	00000000	3	A000000	ANA KARINA VILLEGAS
EDO. PORTUGUESA	MP. ARAURE	CM. ARAURE	CC0000	COMUNA LOS ANGELES	COM.- 0000000	LOS ANGELES	00000000	1	A000000	CARLOS EDUARDO MARQUEZ
EDO. PORTUGUESA	MP. ARAURE	CM. ARAURE	CC0000	CONSEJO COMUNAL EL CARMEN	COM.- 0000000	CIRCUITO COMUNAL EL CARMEN	00000000	1	A000000	JESUS RAFAEL SOTO ALVAREZ
EDO. PORTUGUESA	MP. ARAURE	CM. ARAURE	CC0000	CONSEJO COMUNAL EL CARMEN	COM.- 0000000	CIRCUITO COMUNAL EL CARMEN	00000000	2	A000000	MARIANA JOSEFINA PAREDES
EDO. PORTUGUESA	MP. ARAURE	CM. ARAURE	CC0000	CONSEJO COMUNAL EL CARMEN	COM.- 0000000	CIRCUITO COMUNAL EL CARMEN	00000000	3	A000000	ANA KARINA VILLEGAS
EDO. PORTUGUESA	MP. ARAURE	CM. ARAURE	CC0000	COMUNA LOS ANGELES	COM.- 0000000	LOS ANGELES	00000000	1	A000000	CARLOS EDUARDO MARQUEZ
EDO. PORTUGUESA	MP. ARAURE	CM. ARAURE	CC0000	CONSEJO COMUNAL EL CARMEN	COM.- 0000000	CIRCUITO COMUNAL EL CARMEN	00000000	1	A000000	JESUS RAFAEL SOTO ALVAREZ
EDO. PORTUGUESA	MP. ARAURE	CM. ARAURE	CC0000	CONSEJO COMUNAL EL CARMEN	COM.- 0000000	CIRCUITO COMUNAL EL CARMEN	00000000	2	A000000	MARIANA JOSEFINA PAREDES
EDO. PORTUGUESA	MP. ARAURE	CM. ARAURE	CC0000	CONSEJO COMUNAL EL CARMEN	COM.- 0000000	CIRCUITO COMUNAL EL CARMEN	00000000	3	A000000	ANA KARINA VILLEGAS
EDO. PORTUGUESA	MP. ARAURE	CM. ARAURE	CC0000	COMUNA LOS ANGELES	COM.- 0000000	LOS ANGELES	00000000	1	A000000	CARLOS EDUARDO MARQUEZ
EDO. PORTUGUESA	MP. ARAURE	CM. ARAURE	CC0000	CONSEJO COMUNAL EL CARMEN	COM.- 0000000	CIRCUITO COMUNAL EL CARMEN	00000000	1	A000000	JESUS RAFAEL SOTO ALVAREZ
EDO. PORTUGUESA	MP. ARAURE	CM. ARAURE	CC0000	CONSEJO COMUNAL EL CARMEN	COM.- 0000000	CIRCUITO COMUNAL EL CARMEN	00000000	2	A000000	MARIANA JOSEFINA PAREDES
EDO. PORTUGUESA	MP. ARAURE	CM. ARAURE	CC0000	CONSEJO COMUNAL EL CARMEN	COM.- 0000000	CIRCUITO COMUNAL EL CARMEN	00000000	3	A000000	ANA KARINA VILLEGAS
EDO. PORTUGUESA	MP. ARAURE	CM. ARAURE	CC0000	COMUNA LOS ANGELES	COM.- 0000000	LOS ANGELES	00000000	1	A000000	CARLOS EDUARDO MARQUEZ
EDO. PORTUGUESA	MP. ARAURE	CM. ARAURE	CC0000	CONSEJO COMUNAL EL CARMEN	COM.- 0000000	CIRCUITO COMUNAL EL CARMEN	00000000	1	A000000	JESUS RAFAEL SOTO ALVAREZ
EDO. PORTUGUESA	MP. ARAURE	CM. ARAURE	CC0000	CONSEJO COMUNAL EL CARMEN	COM.- 0000000	CIRCUITO COMUNAL EL CARMEN	00000000	2	A000000	MARIANA JOSEFINA PAREDES
EDO. PORTUGUESA	MP. ARAURE	CM. ARAURE	CC0000	CONSEJO COMUNAL EL CARMEN	COM.- 0000000	CIRCUITO COMUNAL EL CARMEN	00000000	3	A000000	ANA KARINA VILLEGAS
EDO. PORTUGUESA	MP. ARAURE	CM. ARAURE	CC0000	COMUNA LOS ANGELES	COM.- 0000000	LOS ANGELES	00000000	1	A000000	CARLOS EDUARDO MARQUEZ
EDO. PORTUGUESA	MP. ARAURE	CM. ARAURE	CC0000	CONSEJO COMUNAL EL CARMEN	COM.- 0000000	CIRCUITO COMUNAL EL CARMEN	00000000	1	A000000	JESUS RAFAEL SOTO ALVAREZ
EDO. PORTUGUESA	MP. ARAURE	CM. ARAURE	CC0000	CONSEJO COMUNAL EL CARMEN	COM.- 0000000	CIRCUITO COMUNAL EL CARMEN	00000000	2	A000000	MARIANA JOSEFINA PAREDES
EDO. PORTUGUESA	MP. ARAURE	CM. ARAURE	CC0000	CONSEJO COMUNAL EL CARMEN	COM.- 0000000	CIRCUITO COMUNAL EL CARMEN	00000000	3	A000000	ANA KARINA VILLEGAS
EDO. PORTUGUESA	MP. ARAURE	CM. ARAURE	CC0000	COMUNA LOS ANGELES	COM.- 0000000	LOS ANGELES	00000000	1	A000000	CARLOS EDUARDO MARQUEZ
EDO. PORTUGUESA	MP. ARAURE	CM. ARAURE	CC0000	CONSEJO COMUNAL EL CARMEN	COM.- 0000000	CIRCUITO COMUNAL EL CARMEN	00000000	1	A000000	JESUS RAFAEL SOTO ALVAREZ
EDO. PORTUGUESA	MP. ARAURE	CM. ARAURE	CC0000	CONSEJO COMUNAL EL CARMEN	COM.- 0000000	CIRCUITO COMUNAL EL CARMEN	00000000	2	A000000	MARIANA JOSEFINA PAREDES
EDO. PORTUGUESA	MP. ARAURE	CM. ARAURE	CC0000	CONSEJO COMUNAL EL CARMEN	COM.- 0000000	CIRCUITO COMUNAL EL CARMEN	00000000	3	A000000	ANA KARINA VILLEGAS
EDO. PORTUGUESA	MP. ARAURE	CM. ARAURE	CC0000	COMUNA LOS ANGELES	COM.- 0000000	LOS ANGELES	00000000	1	A000000	CARLOS EDUARDO MARQUEZ
EDO. PORTUGUESA	MP. ARAURE	CM. ARAURE	CC0000	CONSEJO COMUNAL EL CARMEN	COM.- 0000000	CIRCUITO COMUNAL EL CARMEN	00000000	1	A000000	JESUS RAFAEL SOTO ALVAREZ
EDO. PORTUGUESA	MP. ARAURE	CM. ARAURE	CC0000	CONSEJO COMUNAL EL CARMEN	COM.- 0000000	CIRCUITO COMUNAL EL CARMEN	00000000	2	A000000	MARIANA JOSEFINA PAREDES
EDO. PORTUGUESA	MP. ARAURE	CM. ARAURE	CC0000	CONSEJO COMUNAL EL CARMEN	COM.- 0000000	CIRCUITO COMUNAL EL CARMEN	00000000	3	A000000	ANA KARINA VILLEGAS
EDO. PORTUGUESA	MP. ARAURE	CM. ARAURE	CC0000	COMUNA LOS ANGELES	COM.- 0000000	LOS ANGELES	00000000	1	A000000	CARLOS EDUARDO MARQUEZ
EDO. PORTUGUESA	MP. ARAURE	CM. ARAURE	CC0000	CONSEJO COMUNAL EL CARMEN	COM.- 0000000	CIRCUITO COMUNAL EL CARMEN	00000000	1	A000000	JESUS RAFAEL SOTO ALVAREZ
EDO. PORTUGUESA	MP. ARAURE	CM. ARAURE	CC0000	CONSEJO COMUNAL EL CARMEN	COM.- 0000000	CIRCUITO COMUNAL EL CARMEN	00000000	2	A000000	MARIANA JOSEFINA PAREDES
EDO. PORTUGUESA	MP. ARAURE	CM. ARAURE	CC0000	CONSEJO COMUNAL EL CARMEN	COM.- 0000000	CIRCUITO COMUNAL EL CARMEN	00000000	3	A000000	ANA KARINA VILLEGAS
EDO. PORTUGUESA	MP. ARAURE	CM. ARAURE	CC0000	COMUNA LOS ANGELES	COM.- 0000000	LOS ANGELES	00000000	1	A000000	CARLOS EDUARDO MARQUEZ
EDO. PORTUGUESA	MP. ARAURE	CM. ARAURE	CC0000	CONSEJO COMUNAL EL CARMEN	COM.- 0000000	CIRCUITO COMUNAL EL CARMEN	00000000	1	A000000	JESUS RAFAEL SOTO ALVAREZ
EDO. PORTUGUESA	MP. ARAURE	CM. ARAURE	CC0000	CONSEJO COMUNAL EL CARMEN	COM.- 0000000	CIRCUITO COMUNAL EL CARMEN	00000000	2	A000000	MARIANA JOSEFINA PAREDES
EDO. PORTUGUESA	MP. ARAURE	CM. ARAURE	CC0000	CONSEJO COMUNAL EL CARMEN	COM.- 0000000	CIRCUITO COMUNAL EL CARMEN	00000000	3	A000000	ANA KARINA VILLEGAS
EDO. PORTUGUESA	MP. ARAURE	CM. ARAURE	CC0000	COMUNA LOS ANGELES	COM.- 0000000	LOS ANGELES	00000000	1	A000000	CARLOS EDUARDO MARQUEZ
EDO. PORTUGUESA	MP. ARAURE	CM. ARAURE	CC0000	CONSEJO COMUNAL EL CARMEN	COM.- 0000000	CIRCUITO COMUNAL EL CARMEN	00000000	1	A000000	JESUS RAFAEL SOTO ALVAREZ
EDO. PORTUGUESA	MP. ARAURE	CM. ARAURE	CC0000	CONSEJO COMUNAL EL CARMEN	COM.- 0000000	CIRCUITO COMUNAL EL CARMEN	00000000	2	A000000	MARIANA JOSEFINA PAREDES
EDO. PORTUGUESA	MP. ARAURE	CM. ARAURE	CC0000	CONSEJO COMUNAL EL CARMEN	COM.- 0000000	CIRCUITO COMUNAL EL CARMEN	00000000	3	A000000	ANA KARINA VILLEGAS
EDO. PORTUGUESA	MP. ARAURE	CM. ARAURE	CC0000	COMUNA LOS ANGELES	COM.- 0000000	LOS ANGELES	00000000	1	A000000	CARLOS EDUARDO MARQUEZ
EDO. PORTUGUESA	MP. ARAURE	CM. ARAURE	CC0000	CONSEJO COMUNAL EL CARMEN	COM.- 0000000	CIRCUITO COMUNAL EL CARMEN	00000000	1	A000000	JESUS RAFAEL SOTO ALVAREZ
EDO. PORTUGUESA	MP. ARAURE	CM. ARAURE	CC0000	CONSEJO COMUNAL EL CARMEN	COM.- 0000000	CIRCUITO COMUNAL EL CARMEN	00000000	2	A000000	MARIANA JOSEFINA PAREDES
EDO. PORTUGUESA	MP. ARAURE	CM. ARAURE	CC0000	CONSEJO COMUNAL EL CARMEN	COM.- 0000000	CIRCUITO COMUNAL EL CARMEN	00000000	3	A000000	ANA KARINA VILLEGAS
EDO. PORTUGUESA	MP. ARAURE	CM. ARAURE	CC0000	COMUNA LOS ANGELES	COM.- 0000000	LOS ANGELES	00000000	1	A000000	CARLOS EDUARDO MARQUEZ
EDO. PORTUGUESA	MP. ARAURE	CM. ARAURE	CC0000	CONSEJO COMUNAL EL CARMEN	COM.- 0000000	CIRCUITO COMUNAL EL CARMEN	00000000	1	A000000	JESUS RAFAEL SOTO ALVAREZ
EDO. PORTUGUESA	MP. ARAURE	CM. ARAURE	CC0000	CONSEJO COMUNAL EL CARMEN	COM.- 0000000	CIRCUITO COMUNAL EL CARMEN	00000000	2	A000000	MARIANA JOSEFINA PAREDES
EDO. PORTUGUESA	MP. ARAURE	CM. ARAURE	CC0000	CONSEJO COMUNAL EL CARMEN	COM.- 0000000	CIRCUITO COMUNAL EL CARMEN	00000000	3	A000000	ANA KARINA VILLEGAS
EDO. PORTUGUESA	MP. ARAURE	CM. ARAURE	CC0000	COMUNA LOS ANGELES	COM.- 0000000	LOS ANGELES	00000000	1	A000000	CARLOS EDUARDO MARQUEZ
EDO. PORTUGUESA	MP. ARAURE	CM. ARAURE	CC0000	CONSEJO COMUNAL EL CARMEN	COM.- 0000000	CIRCUITO COMUNAL EL CARMEN	00000000	1	A000000	JESUS RAFAEL SOTO ALVAREZ
EDO. PORTUGUESA	MP. ARAURE	CM. ARAURE	CC0000	CONSEJO COMUNAL EL CARMEN	COM.- 0000000	CIRCUITO COMUNAL EL CARMEN	00000000	2	A000000	MARIANA JOSEFINA PAREDES
EDO. PORTUGUESA	MP. ARAURE	CM. ARAURE	CC0000	CONSEJO COMUNAL EL CARMEN	COM.- 0000000	CIRCUITO COMUNAL EL CARMEN	00000000	3	A000000	ANA KARINA VILLEGAS
EDO. PORTUGUESA	MP. ARAURE	CM. ARAURE	CC0000	COMUNA LOS ANGELES	COM.- 0000000	LOS ANGELES	00000000	1	A000000	CARLOS EDUARDO MARQUEZ
EDO. PORTUGUESA	MP. ARAURE	CM. ARAURE	CC0000	CONSEJO COMUNAL EL CARMEN	COM.- 0000000	CIRCUITO COMUNAL EL CARMEN	00000000	1	A000000	JESUS RAFAEL SOTO ALVAREZ
EDO. PORTUGUESA	MP. ARAURE	CM. ARAURE	CC0000	CONSEJO COMUNAL EL CARMEN	COM.- 0000000	CIRCUITO COMUNAL EL CARMEN	00000000	2	A000000	MARIANA JOSEFINA PAREDES
EDO. PORTUGUESA	MP. ARAURE	CM. ARAURE	CC0000	CONSEJO COMUNAL EL CARMEN	COM.- 0000000	CIRCUITO COMUNAL EL CARMEN	00000000	3	A000000	ANA KARINA VILLEGAS
EDO. PORTUGUESA	MP. ARAURE	CM. ARAURE	CC0000	COMUNA LOS ANGELES	COM.- 0000000	LOS ANGELES	00000000	1	A000000	CARLOS EDUARDO MARQUEZ
EDO. PORTUGUESA	MP. ARAURE	CM. ARAURE	CC0000	CONSEJO COMUNAL EL CARMEN	COM.- 0000000	CIRCUITO COMUNAL EL CARMEN	00000000	1	A000000	JESUS RAFAEL SOTO ALVAREZ
EDO. PORTUGUESA	MP. ARAURE	CM. ARAURE	CC0000	CONSEJO COMUNAL EL CARMEN	COM.- 0000000	CIRCUITO COMUNAL EL CARMEN	00000000	2	A000000	MARIANA JOSEFINA PAREDES
EDO. PORTUGUESA	MP. ARAURE	CM. ARAURE	CC0000	CONSEJO COMUNAL EL CARMEN	COM.- 0000000	CIRCUITO COMUNAL EL CARMEN	00000000	3	A000000	ANA KARINA VILLEGAS
EDO. PORTUGUESA	MP. ARAURE	CM. ARAURE	CC0000	COMUNA LOS ANGELES	COM.- 0000000	LOS ANGELES	00000000	1	A000000	CARLOS EDUARDO MARQUEZ
EDO. PORTUGUESA	MP. ARAURE	CM. ARAURE	CC0000	CONSEJO COMUNAL EL CARMEN	COM.- 0000000	CIRCUITO COMUNAL EL CARMEN	00000000	1	A000000	JESUS RAFAEL SOTO ALVAREZ
EDO. PORTUGUESA	MP. ARAURE	CM. ARAURE	CC0000	CONSEJO COMUNAL EL CARMEN	COM.- 0000000	CIRCUITO COMUNAL EL CARMEN	00000000	2	A000000	MARIANA JOSEFINA PAREDES
EDO. PORTUGUESA	MP. ARAURE	CM. ARAURE	CC0000	CONSEJO COMUNAL EL CARMEN	COM.- 0000000	CIRCUITO COMUNAL EL CARMEN	00000000	3	A000000	ANA KARINA VILLEGAS
EDO. PORTUGUESA	MP. ARAURE	CM. ARAURE	CC0000	COMUNA LOS ANGELES	COM.- 0000000	LOS ANGELES	00000000	1	A000000	CARLOS EDUARDO MARQUEZ
EDO. PORTUGUESA	MP. ARAURE	CM. ARAURE	CC0000	CONSEJO COMUNAL EL CARMEN	COM.- 0000000	CIRCUITO COMUNAL EL CARMEN	00000000	1	A000000	JESUS RAFAEL SOTO ALVAREZ
EDO. PORTUGUESA	MP. ARAURE	CM. ARAURE	CC0000	CONSEJO COMUNAL EL CARMEN	COM.- 0000000	CIRCUITO COMUNAL EL CARMEN	00000000	2	A000000	MARIANA JOSEFINA PAREDES
EDO. PORTUGUESA	MP. ARAURE	CM. ARAURE	CC0000	CONSEJO COMUNAL EL CARMEN	COM.- 0000000	CIRCUITO COMUNAL EL CARMEN	00000000	3	A000000	ANA KARINA VILLEGAS
EDO. PORTUGUESA	MP. ARAURE	CM. ARAURE	CC0000	COMUNA LOS ANGELES	COM.- 0000000	LOS ANGELES	00000000	1	A000000	CARLOS EDUARDO MARQUEZ
EDO. PORTUGUESA	MP. ARAURE	CM. ARAURE	CC0000	CONSEJO COMUNAL EL CARMEN	COM.- 0000000	CIRCUITO COMUNAL EL CARMEN	00000000	1	A000000	JESUS RAFAEL SOTO ALVAREZ
EDO. PORTUGUESA	MP. ARAURE	CM. ARAURE	CC0000	CONSEJO COMUNAL EL CARMEN	COM.- 0000000	CIRCUITO COMUNAL EL CARMEN	00000000	2	A000000	MARIANA JOSEFINA PAREDES
EDO. PORTUGUESA	MP. ARAURE	CM. ARAURE	CC0000	CONSEJO COMUNAL EL CARMEN	COM.- 0000000	CIRCUITO COMUNAL EL CARMEN	00000000	3	A000000	ANA KARINA VILLEGAS
EDO. PORTUGUESA	MP. ARAURE	CM. ARAURE	CC0000	COMUNA LOS ANGELES	COM.- 0000000	LOS ANGELES	00000000	1	A000000	CARLOS EDUARDO MARQUEZ
EDO. PORTUGUESA	MP. ARAURE	CM. ARAURE	CC0000	CONSEJO COMUNAL EL CARMEN	COM.- 0000000	CIRCUITO COMUNAL EL CARMEN	00000000	1	A000000	JESUS RAFAEL SOTO ALVAREZ
EDO. PORTUGUESA	MP. ARAURE	CM. ARAURE	CC0000	CONSEJO COMUNAL EL CARMEN	COM.- 0000000	CIRCUITO COMUNAL EL CARMEN	00000000	2	A000000	MARIANA JOSEFINA PAREDES
EDO. PORTUGUESA	MP. ARAURE	CM. ARAURE	CC0000	CONSEJO COMUNAL EL CARMEN	COM.- 0000000	CIRCUITO COMUNAL EL CARMEN	00000000	3	A000000	ANA KARINA VILLEGAS
EDO. PORTUGUESA	MP. ARAURE	CM. ARAURE	CC0000	COMUNA LOS ANGELES	COM.- 0000000	LOS ANGELES	00000000	1	A000000	CARLOS EDUARDO MARQUEZ
EDO. PORTUGUESA	MP. ARAURE	CM. ARAURE	CC0000	CONSEJO COMUNAL EL CARMEN	COM.- 0000000	CIRCUITO COMUNAL EL CARMEN	00000000	1	A000000	JESUS RAFAEL SOTO ALVAREZ
EDO. PORTUGUESA	MP. ARAURE	CM. ARAURE	CC0000	CONSEJO COMUNAL EL CARMEN	COM.- 0000000	CIRCUITO COMUNAL EL CARMEN	00000000	2	A000000	MARIANA JOSEFINA PAREDES
EDO. PORTUGUESA	MP. ARAURE	CM. ARAURE	CC0000	CONSEJO COMUNAL EL CARMEN	COM.- 0000000	CIRCUITO COMUNAL EL CARMEN	00000000	3	A000000	ANA KARINA VILLEGAS
EDO. PORTUGUESA	MP. ARAURE	CM. ARAURE	CC0000	COMUNA LOS ANGELES	COM.- 0000000	LOS ANGELES	00000000	1	A000000	CARLOS EDUARDO MARQUEZ
EDO. PORTUGUESA	MP. ARAURE	CM. ARAURE	CC0000	CONSEJO COMUNAL EL CARMEN	COM.- 0000000	CIRCUITO COMUNAL EL CARMEN	00000000	1	A000000	JESUS RAFAEL SOTO ALVAREZ
EDO. PORTUGUESA	MP. ARAURE	CM. ARAURE	CC0000	CONSEJO COMUNAL EL CARMEN	COM.- 0000000	CIRCUITO COMUNAL EL CARMEN	00000000	2	A000000	MARIANA JOSEFINA PAREDES
EDO. PORTUGUESA	MP. ARAURE	CM. ARAURE	CC0000	CONSEJO COMUNAL EL CARMEN	COM.- 0000000	CIRCUITO COMUNAL EL CARMEN	00000000	3	A000000	ANA KARINA VILLEGAS
EDO. PORTUGUESA	MP. ARAURE	CM. ARAURE	CC0000	COMUNA LOS ANGELES	COM.- 0000000	LOS ANGELES	00000000	1	A000000	CARLOS EDUARDO MARQUEZ
EDO. PORTUGUESA	MP. ARAURE	CM. ARAURE	CC0000	CONSEJO COMUNAL EL CARMEN	COM.- 0000000	CIRCUITO COMUNAL EL CARMEN	00000000	1	A000000	JESUS RAFAEL SOTO ALVAREZ
EDO. PORTUGUESA	MP. ARAURE	CM. ARAURE	CC0000	CONSEJO COMUNAL EL CARMEN	COM.- 0000000	CIRCUITO COMUNAL EL CARMEN	00000000	2	A000000	MARIANA JOSEFINA PAREDES
EDO. PORTUGUESA	MP. ARAURE	CM. ARAURE	CC0000	CONSEJO COMUNAL EL CARMEN	COM.- 0000000	CIRCUITO COMUNAL EL CARMEN	00000000	3	A000000	ANA KARINA VILLEGAS
EDO. PORTUGUESA	MP. ARAURE	CM. ARAURE	CC0000	COMUNA LOS ANGELES	COM.- 0000000	LOS ANGELES	00000000	1	A000000	CARLOS EDUARDO MARQUEZ
EDO. PORTUGUESA	MP. ARAURE	CM. ARAURE	CC0000	CONSEJO COMUNAL EL CARMEN	COM.- 0000000	CIRCUITO COMUNAL EL CARMEN	00000000	1	A000000	JESUS RAFAEL SOTO ALVAREZ
EDO. PORTUGUESA	MP. ARAURE	CM. ARAURE	CC0000	CONSEJO COMUNAL EL CARMEN	COM.- 0000000	CIRCUITO COMUNAL EL CARMEN	00000000	2	A000000	MARIANA JOSEFINA PAREDES
EDO. PORTUGUESA	MP. ARAURE	CM. ARAURE	CC0000	CONSEJO COMUNAL EL CARMEN	COM.- 0000000	CIRCUITO COMUNAL EL CARMEN	00000000	3	A000000	ANA KARINA VILLEGAS
EDO. PORTUGUESA	MP. ARAURE	CM. ARAURE	CC0000	COMUNA LOS ANGELES	COM.- 0000000	LOS ANGELES	00000000	1	A000000	CARLOS EDUARDO MARQUEZ
EDO. PORTUGUESA	MP. ARAURE	CM. ARAURE	CC0000	CONSEJO COMUNAL EL CARMEN	COM.- 0000000	CIRCUITO COMUNAL EL CARMEN	00000000	1	A000000	JESUS RAFAEL SOTO ALVAREZ
EDO. PORTUGUESA	MP. ARAURE	CM. ARAURE	CC0000	CONSEJO COMUNAL EL CARMEN	COM.- 0000000	CIRCUITO COMUNAL EL CARMEN	00000000	2	A000000	MARIANA JOSEFINA PAREDES
EDO. PORTUGUESA	MP. ARAURE	CM. ARAURE	CC0000	CONSEJO COMUNAL EL CARMEN	COM.- 0000000	CIRCUITO COMUNAL EL CARMEN	00000000	3	A000000	ANA KARINA VILLEGAS
EDO. PORTUGUESA	MP. ARAURE	CM. ARAURE	CC0000	COMUNA LOS ANGELES	COM.- 0000000	LOS ANGELES	00000000	1	A000000	CARLOS EDUARDO MARQUEZ
EDO. PORTUGUESA	MP. ARAURE	CM. ARAURE	CC0000	CONSEJO COMUNAL EL CARMEN	COM.- 0000000	CIRCUITO COMUNAL EL CARMEN	00000000	1	A000000	JESUS RAFAEL SOTO ALVAREZ
EDO. PORTUGUESA	MP. ARAURE	CM. ARAURE	CC0000	CONSEJO COMUNAL EL CARMEN	COM.- 0000000	CIRCUITO COMUNAL EL CARMEN	00000000	2	A000000	MARIANA JOSEFINA PAREDES
